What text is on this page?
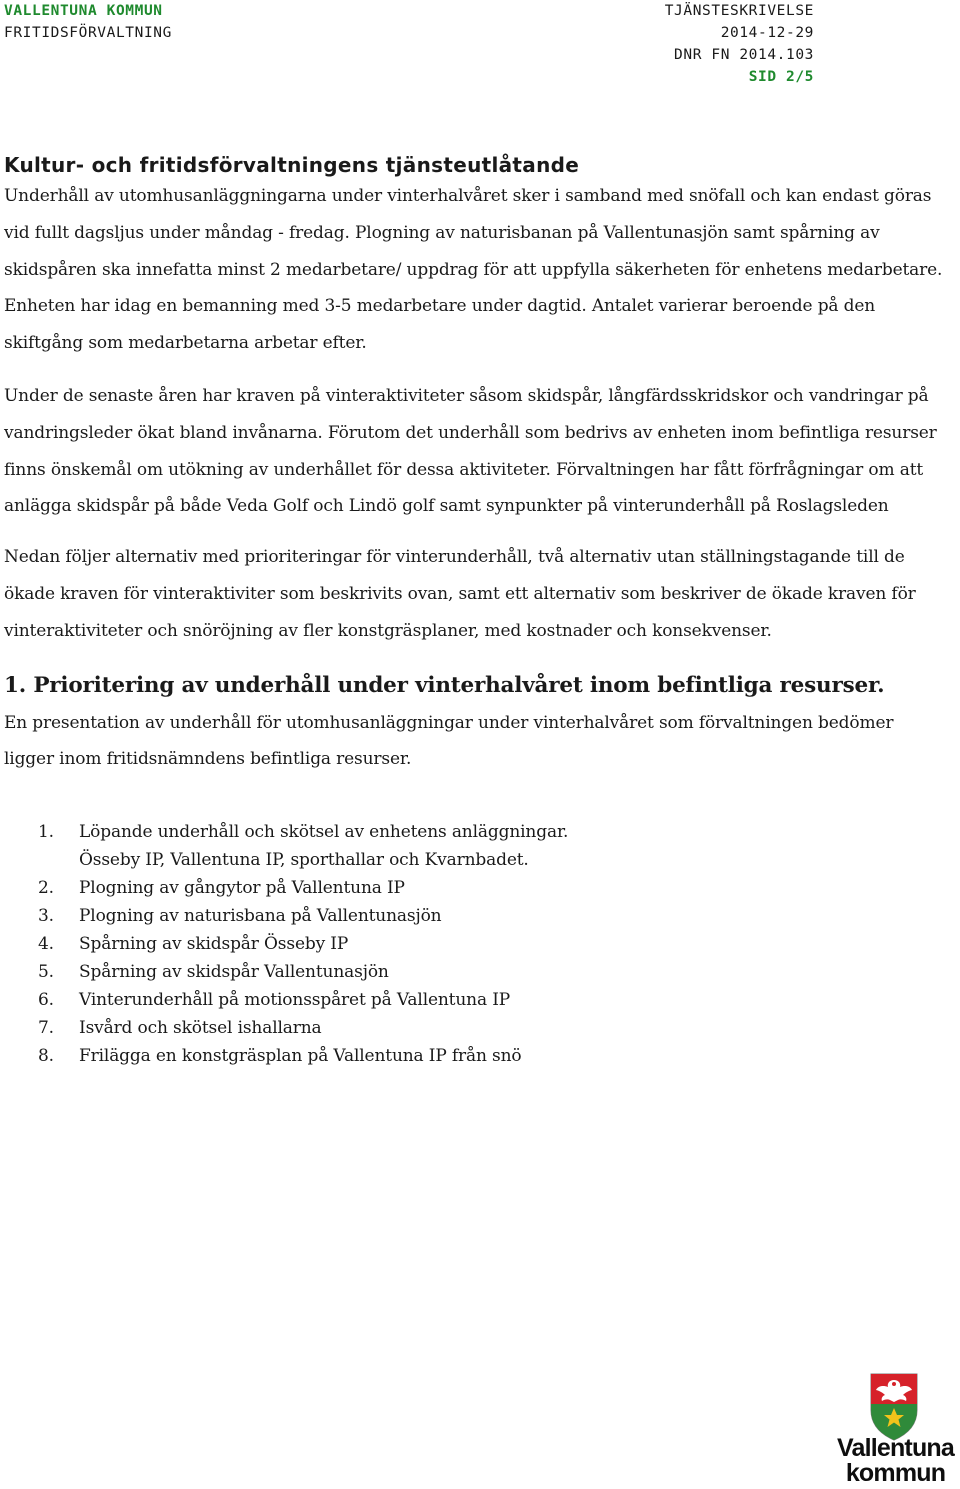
VALLENTUNA KOMMUN
FRITIDSFÖRVALTNING
TJÄNSTESKRIVELSE
2014-12-29
DNR FN 2014.103
SID 2/5
Kultur- och fritidsförvaltningens tjänsteutlåtande

Underhåll av utomhusanläggningarna under vinterhalvåret sker i samband med snöfall och kan endast göras vid fullt dagsljus under måndag - fredag. Plogning av naturisbanan på Vallentunasjön samt spårning av skidspåren ska innefatta minst 2 medarbetare/ uppdrag för att uppfylla säkerheten för enhetens medarbetare. Enheten har idag en bemanning med 3-5 medarbetare under dagtid. Antalet varierar beroende på den skiftgång som medarbetarna arbetar efter.

Under de senaste åren har kraven på vinteraktiviteter såsom skidspår, långfärdsskridskor och vandringar på vandringsleder ökat bland invånarna. Förutom det underhåll som bedrivs av enheten inom befintliga resurser finns önskemål om utökning av underhållet för dessa aktiviteter. Förvaltningen har fått förfrågningar om att anlägga skidspår på både Veda Golf och Lindö golf samt synpunkter på vinterunderhåll på Roslagsleden

Nedan följer alternativ med prioriteringar för vinterunderhåll, två alternativ utan ställningstagande till de ökade kraven för vinteraktiviter som beskrivits ovan, samt ett alternativ som beskriver de ökade kraven för vinteraktiviteter och snöröjning av fler konstgräsplaner, med kostnader och konsekvenser.

1. Prioritering av underhåll under vinterhalvåret inom befintliga resurser.

En presentation av underhåll för utomhusanläggningar under vinterhalvåret som förvaltningen bedömer ligger inom fritidsnämndens befintliga resurser.

1. Löpande underhåll och skötsel av enhetens anläggningar.
Össeby IP, Vallentuna IP, sporthallar och Kvarnbadet.
2. Plogning av gångytor på Vallentuna IP
3. Plogning av naturisbana på Vallentunasjön
4. Spårning av skidspår Össeby IP
5. Spårning av skidspår Vallentunasjön
6. Vinterunderhåll på motionsspåret på Vallentuna IP
7. Isvård och skötsel ishallarna
8. Frilägga en konstgräsplan på Vallentuna IP från snö
Vallentuna
kommun
